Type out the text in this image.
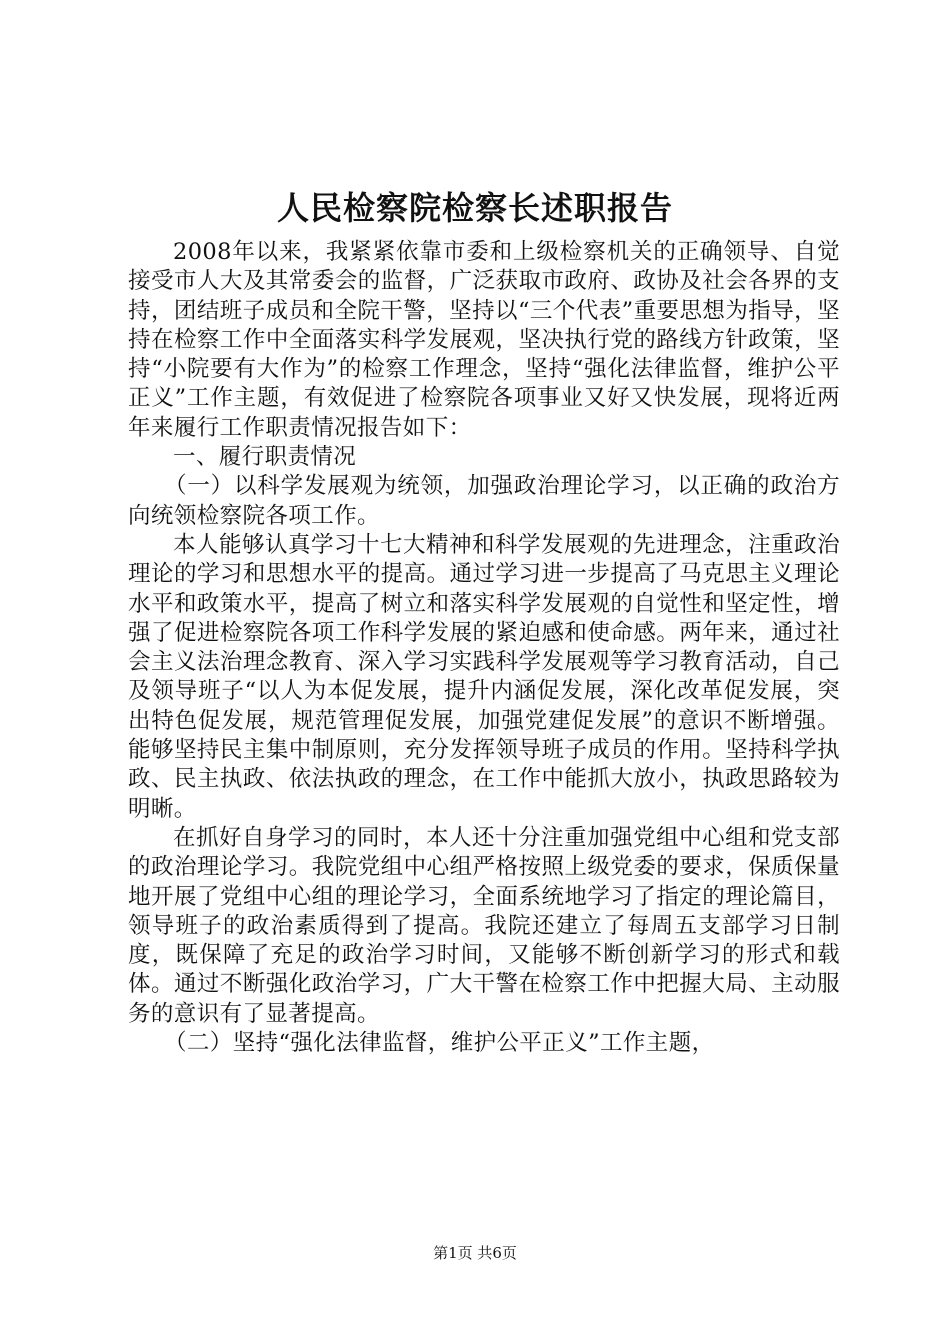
人民检察院检察长述职报告

2008年以来，我紧紧依靠市委和上级检察机关的正确领导、自觉接受市人大及其常委会的监督，广泛获取市政府、政协及社会各界的支持，团结班子成员和全院干警，坚持以“三个代表”重要思想为指导，坚持在检察工作中全面落实科学发展观，坚决执行党的路线方针政策，坚持“小院要有大作为”的检察工作理念，坚持“强化法律监督，维护公平正义”工作主题，有效促进了检察院各项事业又好又快发展，现将近两年来履行工作职责情况报告如下：

一、履行职责情况

（一）以科学发展观为统领，加强政治理论学习，以正确的政治方向统领检察院各项工作。

本人能够认真学习十七大精神和科学发展观的先进理念，注重政治理论的学习和思想水平的提高。通过学习进一步提高了马克思主义理论水平和政策水平，提高了树立和落实科学发展观的自觉性和坚定性，增强了促进检察院各项工作科学发展的紧迫感和使命感。两年来，通过社会主义法治理念教育、深入学习实践科学发展观等学习教育活动，自己及领导班子“以人为本促发展，提升内涵促发展，深化改革促发展，突出特色促发展，规范管理促发展，加强党建促发展”的意识不断增强。能够坚持民主集中制原则，充分发挥领导班子成员的作用。坚持科学执政、民主执政、依法执政的理念，在工作中能抓大放小，执政思路较为明晰。

在抓好自身学习的同时，本人还十分注重加强党组中心组和党支部的政治理论学习。我院党组中心组严格按照上级党委的要求，保质保量地开展了党组中心组的理论学习，全面系统地学习了指定的理论篇目，领导班子的政治素质得到了提高。我院还建立了每周五支部学习日制度，既保障了充足的政治学习时间，又能够不断创新学习的形式和载体。通过不断强化政治学习，广大干警在检察工作中把握大局、主动服务的意识有了显著提高。

（二）坚持“强化法律监督，维护公平正义”工作主题，

第1页 共6页
